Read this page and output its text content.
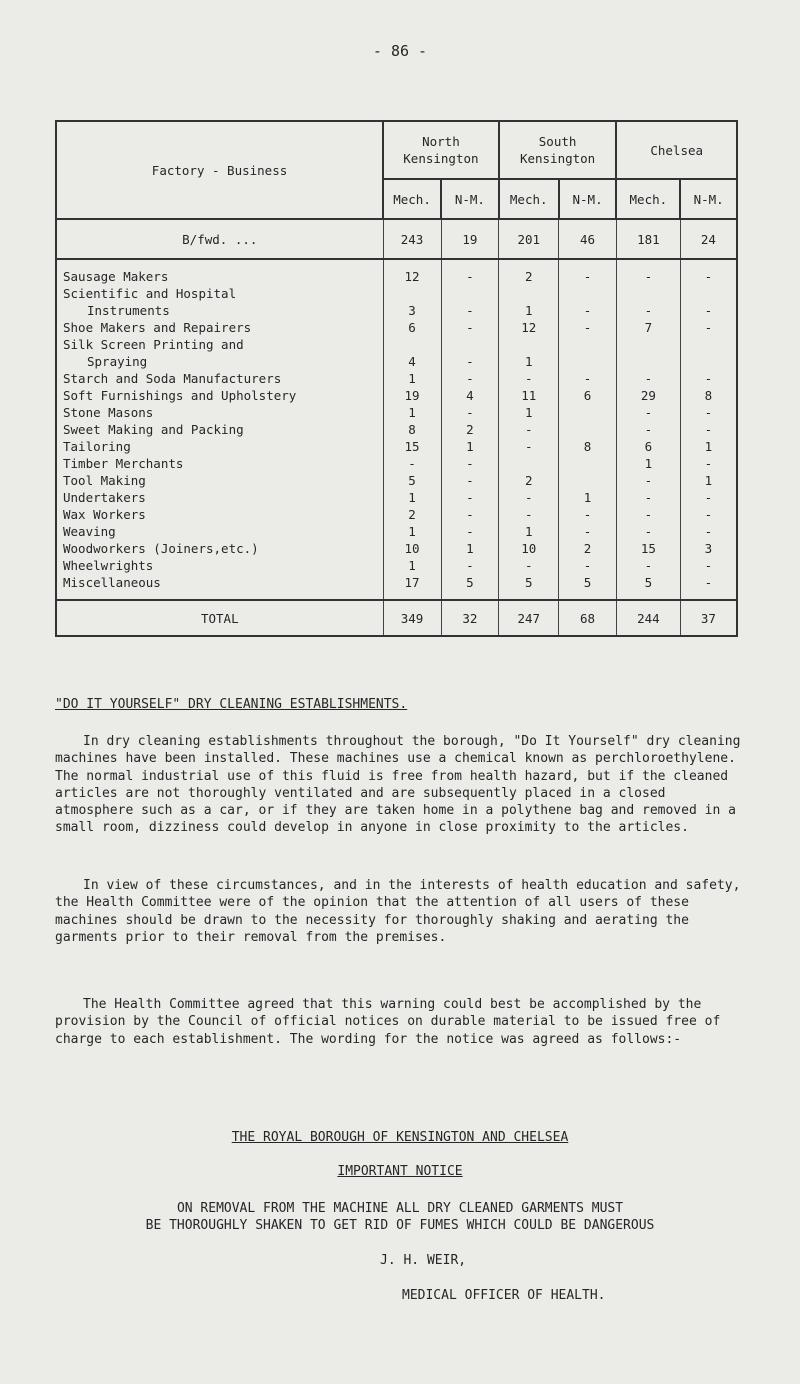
- 86 -
Factory - Business	North
Kensington		South
Kensington		Chelsea	
	Mech.	N-M.	Mech.	N-M.	Mech.	N-M.
B/fwd. ...	243	19	201	46	181	24

Sausage Makers	12	-	2	-	-	-
Scientific and Hospital						
Instruments	3	-	1	-	-	-
Shoe Makers and Repairers	6	-	12	-	7	-
Silk Screen Printing and						
Spraying	4	-	1			
Starch and Soda Manufacturers	1	-	-	-	-	-
Soft Furnishings and Upholstery	19	4	11	6	29	8
Stone Masons	1	-	1		-	-
Sweet Making and Packing	8	2	-		-	-
Tailoring	15	1	-	8	6	1
Timber Merchants	-	-			1	-
Tool Making	5	-	2		-	1
Undertakers	1	-	-	1	-	-
Wax Workers	2	-	-	-	-	-
Weaving	1	-	1	-	-	-
Woodworkers (Joiners,etc.)	10	1	10	2	15	3
Wheelwrights	1	-	-	-	-	-
Miscellaneous	17	5	5	5	5	-

TOTAL	349	32	247	68	244	37
"DO IT YOURSELF" DRY CLEANING ESTABLISHMENTS.

In dry cleaning establishments throughout the borough, "Do It Yourself" dry cleaning machines have been installed. These machines use a chemical known as perchloroethylene. The normal industrial use of this fluid is free from health hazard, but if the cleaned articles are not thoroughly ventilated and are subsequently placed in a closed atmosphere such as a car, or if they are taken home in a polythene bag and removed in a small room, dizziness could develop in anyone in close proximity to the articles.

In view of these circumstances, and in the interests of health education and safety, the Health Committee were of the opinion that the attention of all users of these machines should be drawn to the necessity for thoroughly shaking and aerating the garments prior to their removal from the premises.

The Health Committee agreed that this warning could best be accomplished by the provision by the Council of official notices on durable material to be issued free of charge to each establishment. The wording for the notice was agreed as follows:-

THE ROYAL BOROUGH OF KENSINGTON AND CHELSEA
IMPORTANT NOTICE
ON REMOVAL FROM THE MACHINE ALL DRY CLEANED GARMENTS MUST
BE THOROUGHLY SHAKEN TO GET RID OF FUMES WHICH COULD BE DANGEROUS
J. H. WEIR,
MEDICAL OFFICER OF HEALTH.
